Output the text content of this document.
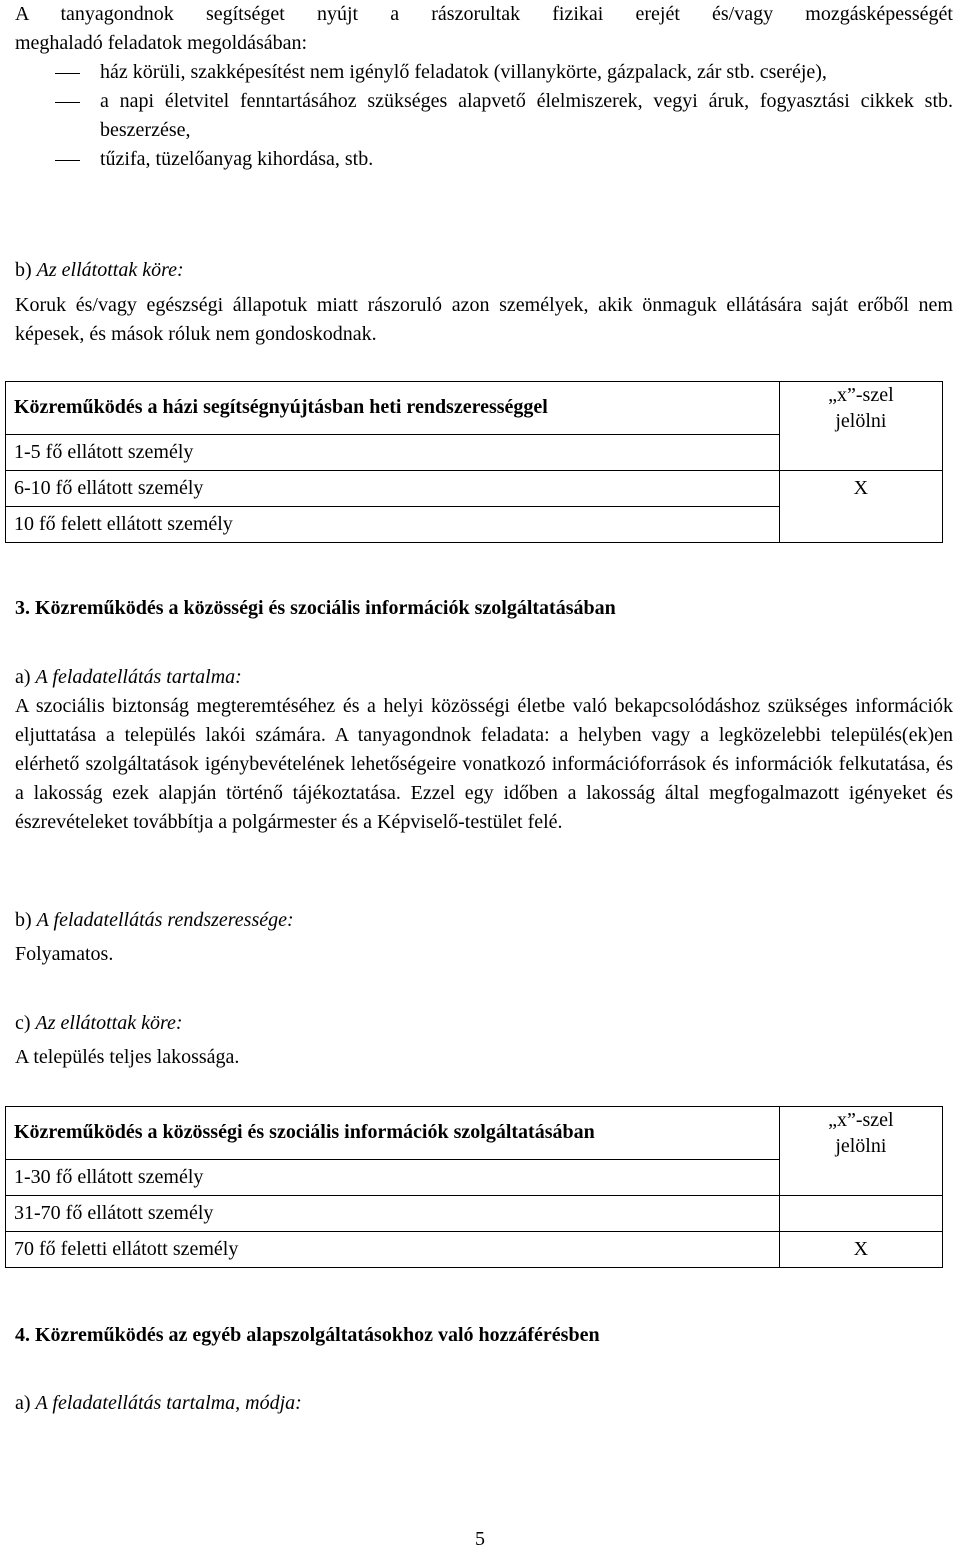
A tanyagondnok segítséget nyújt a rászorultak fizikai erejét és/vagy mozgásképességét

meghaladó feladatok megoldásában:

ház körüli, szakképesítést nem igénylő feladatok (villanykörte, gázpalack, zár stb. cseréje),
a napi életvitel fenntartásához szükséges alapvető élelmiszerek, vegyi áruk, fogyasztási cikkek stb. beszerzése,
tűzifa, tüzelőanyag kihordása, stb.

b) Az ellátottak köre:

Koruk és/vagy egészségi állapotuk miatt rászoruló azon személyek, akik önmaguk ellátására saját erőből nem képesek, és mások róluk nem gondoskodnak.

Közreműködés a házi segítségnyújtásban heti rendszerességgel	„x”-szel
jelölni
1-5 fő ellátott személy	
6-10 fő ellátott személy	X
10 fő felett ellátott személy	

3. Közreműködés a közösségi és szociális információk szolgáltatásában

a) A feladatellátás tartalma:

A szociális biztonság megteremtéséhez és a helyi közösségi életbe való bekapcsolódáshoz szükséges információk eljuttatása a település lakói számára. A tanyagondnok feladata: a helyben vagy a legközelebbi település(ek)en elérhető szolgáltatások igénybevételének lehetőségeire vonatkozó információforrások és információk felkutatása, és a lakosság ezek alapján történő tájékoztatása. Ezzel egy időben a lakosság által megfogalmazott igényeket és észrevételeket továbbítja a polgármester és a Képviselő-testület felé.

b) A feladatellátás rendszeressége:

Folyamatos.

c) Az ellátottak köre:

A település teljes lakossága.

Közreműködés a közösségi és szociális információk szolgáltatásában	„x”-szel
jelölni
1-30 fő ellátott személy	
31-70 fő ellátott személy	
70 fő feletti ellátott személy	X

4. Közreműködés az egyéb alapszolgáltatásokhoz való hozzáférésben

a) A feladatellátás tartalma, módja:

5
